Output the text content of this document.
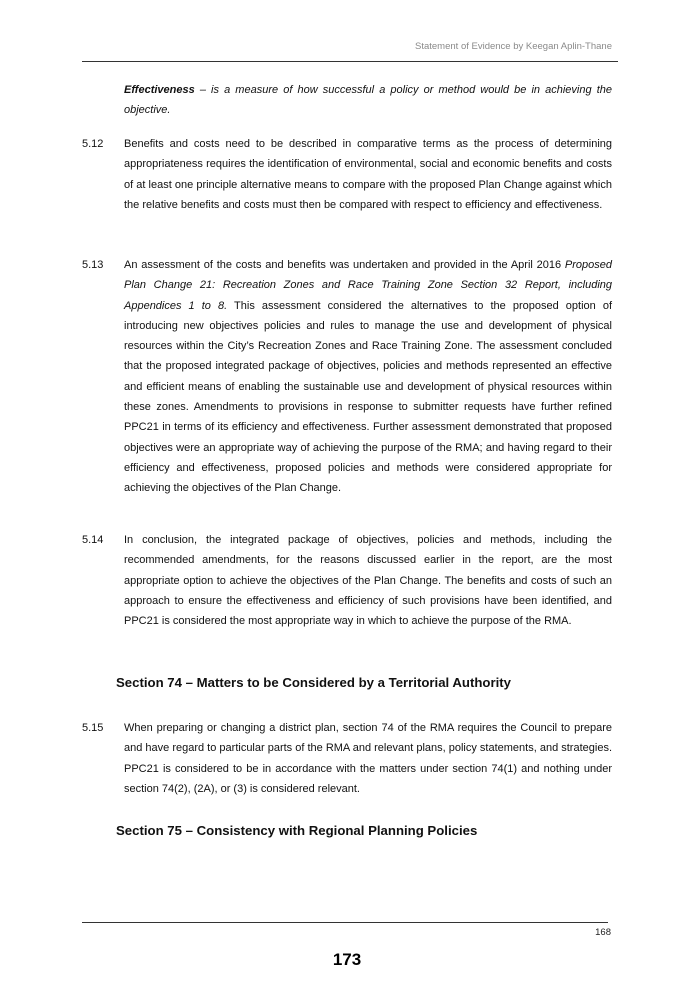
Statement of Evidence by Keegan Aplin-Thane
Effectiveness – is a measure of how successful a policy or method would be in achieving the objective.
5.12	Benefits and costs need to be described in comparative terms as the process of determining appropriateness requires the identification of environmental, social and economic benefits and costs of at least one principle alternative means to compare with the proposed Plan Change against which the relative benefits and costs must then be compared with respect to efficiency and effectiveness.
5.13	An assessment of the costs and benefits was undertaken and provided in the April 2016 Proposed Plan Change 21: Recreation Zones and Race Training Zone Section 32 Report, including Appendices 1 to 8. This assessment considered the alternatives to the proposed option of introducing new objectives policies and rules to manage the use and development of physical resources within the City’s Recreation Zones and Race Training Zone. The assessment concluded that the proposed integrated package of objectives, policies and methods represented an effective and efficient means of enabling the sustainable use and development of physical resources within these zones. Amendments to provisions in response to submitter requests have further refined PPC21 in terms of its efficiency and effectiveness. Further assessment demonstrated that proposed objectives were an appropriate way of achieving the purpose of the RMA; and having regard to their efficiency and effectiveness, proposed policies and methods were considered appropriate for achieving the objectives of the Plan Change.
5.14	In conclusion, the integrated package of objectives, policies and methods, including the recommended amendments, for the reasons discussed earlier in the report, are the most appropriate option to achieve the objectives of the Plan Change. The benefits and costs of such an approach to ensure the effectiveness and efficiency of such provisions have been identified, and PPC21 is considered the most appropriate way in which to achieve the purpose of the RMA.
Section 74 – Matters to be Considered by a Territorial Authority
5.15	When preparing or changing a district plan, section 74 of the RMA requires the Council to prepare and have regard to particular parts of the RMA and relevant plans, policy statements, and strategies. PPC21 is considered to be in accordance with the matters under section 74(1) and nothing under section 74(2), (2A), or (3) is considered relevant.
Section 75 – Consistency with Regional Planning Policies
168
173
